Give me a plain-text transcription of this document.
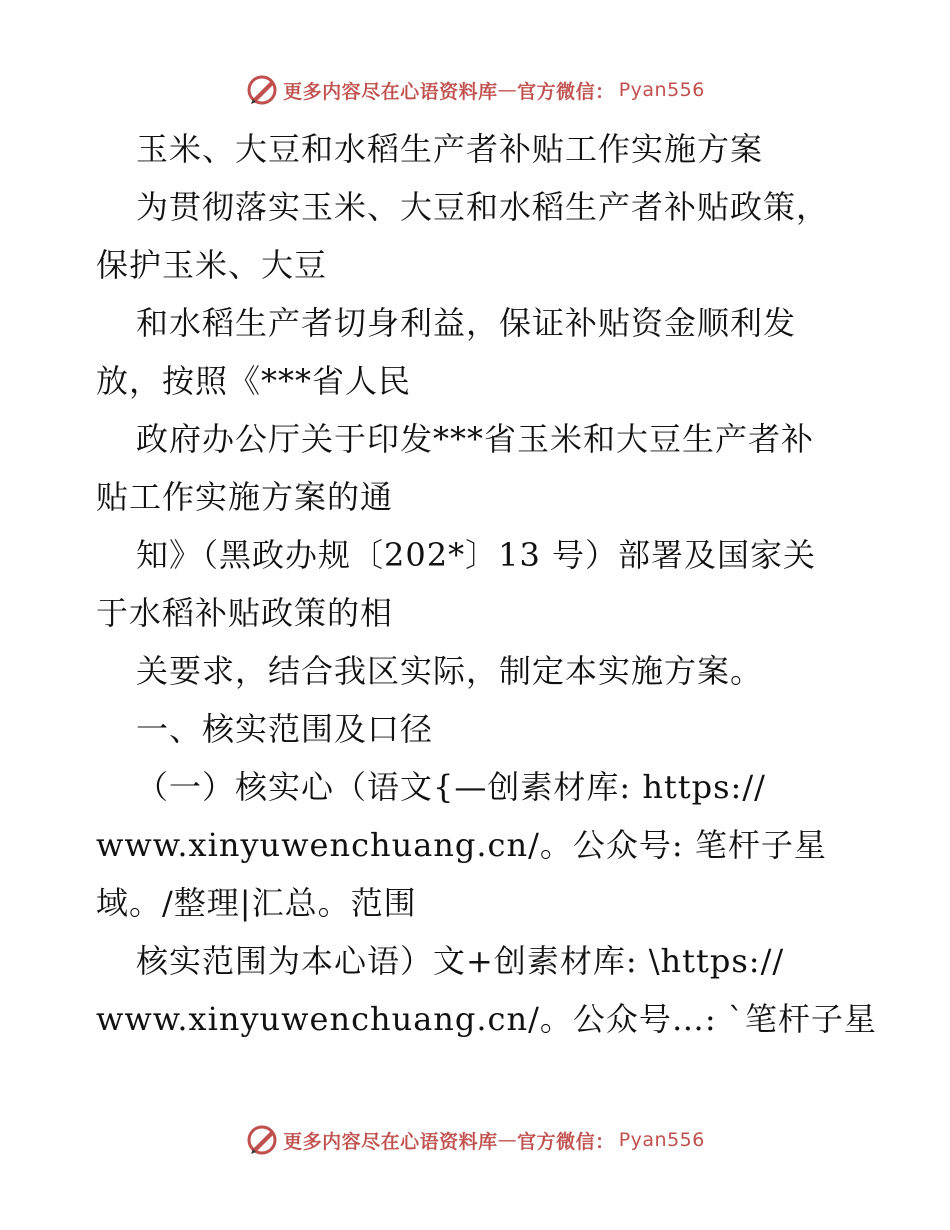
更多内容尽在心语资料库 — 官方微信： Pyan556
玉米、大豆和水稻生产者补贴工作实施方案
为贯彻落实玉米、大豆和水稻生产者补贴政策，
保护玉米、大豆
和水稻生产者切身利益，保证补贴资金顺利发
放，按照《***省人民
政府办公厅关于印发***省玉米和大豆生产者补
贴工作实施方案的通
知》（黑政办规〔202*〕13 号）部署及国家关
于水稻补贴政策的相
关要求，结合我区实际，制定本实施方案。
一、核实范围及口径
（一）核实心（语文{—创素材库: https://
www.xinyuwenchuang.cn/。公众号: 笔杆子星
域。/整理|汇总。范围
核实范围为本心语）文+创素材库: \https://
www.xinyuwenchuang.cn/。公众号…: `笔杆子星
更多内容尽在心语资料库 — 官方微信： Pyan556
